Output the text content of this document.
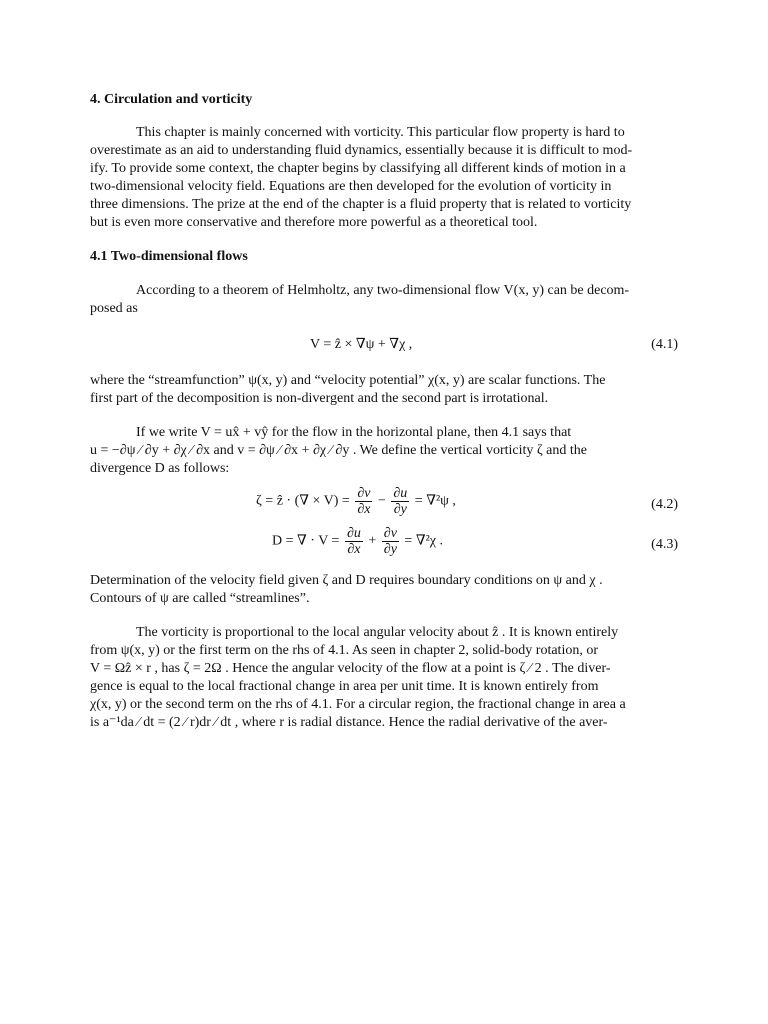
4. Circulation and vorticity
This chapter is mainly concerned with vorticity. This particular flow property is hard to
overestimate as an aid to understanding fluid dynamics, essentially because it is difficult to mod-
ify. To provide some context, the chapter begins by classifying all different kinds of motion in a
two-dimensional velocity field. Equations are then developed for the evolution of vorticity in
three dimensions. The prize at the end of the chapter is a fluid property that is related to vorticity
but is even more conservative and therefore more powerful as a theoretical tool.
4.1 Two-dimensional flows
According to a theorem of Helmholtz, any two-dimensional flow V(x, y) can be decom-
posed as
V = ẑ × ∇ψ + ∇χ ,	(4.1)
where the “streamfunction” ψ(x, y) and “velocity potential” χ(x, y) are scalar functions. The
first part of the decomposition is non-divergent and the second part is irrotational.
If we write V = ux̂ + vŷ for the flow in the horizontal plane, then 4.1 says that
u = −∂ψ ⁄ ∂y + ∂χ ⁄ ∂x and v = ∂ψ ⁄ ∂x + ∂χ ⁄ ∂y . We define the vertical vorticity ζ and the
divergence D as follows:
ζ = ẑ · (∇ × $V) = \frac{\partial v}{\partial x} - \frac{\partial u}{\partial y} = \nabla^2\psi$ ,	(4.2)
D = ∇ · $V = \frac{\partial u}{\partial x} + \frac{\partial v}{\partial y} = \nabla^2\chi$ .	(4.3)
Determination of the velocity field given ζ and D requires boundary conditions on ψ and χ .
Contours of ψ are called “streamlines”.
The vorticity is proportional to the local angular velocity about ẑ . It is known entirely
from ψ(x, y) or the first term on the rhs of 4.1. As seen in chapter 2, solid-body rotation, or
V = Ωẑ × r , has ζ = 2Ω . Hence the angular velocity of the flow at a point is ζ ⁄ 2 . The diver-
gence is equal to the local fractional change in area per unit time. It is known entirely from
χ(x, y) or the second term on the rhs of 4.1. For a circular region, the fractional change in area a
is a⁻¹da ⁄ dt = (2 ⁄ r)dr ⁄ dt , where r is radial distance. Hence the radial derivative of the aver-
